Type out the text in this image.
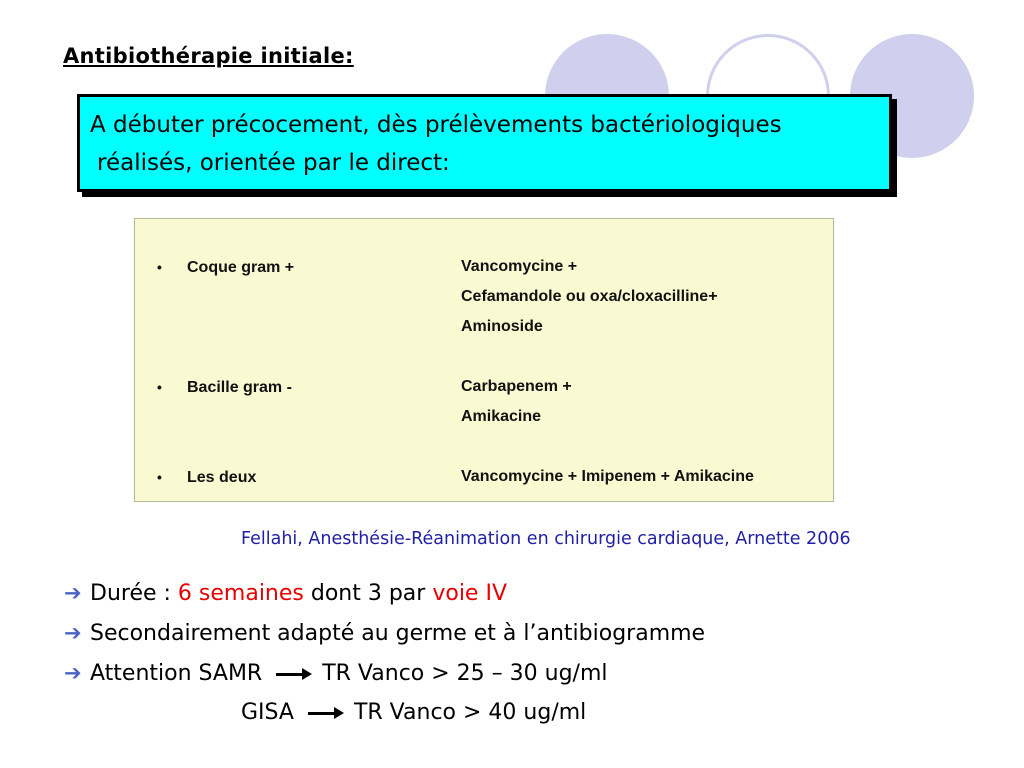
Antibiothérapie initiale:
A débuter précocement, dès prélèvements bactériologiques
réalisés, orientée par le direct:
• Coque gram +	Vancomycine +
Cefamandole ou oxa/cloxacilline+
Aminoside
• Bacille gram -	Carbapenem +
Amikacine
• Les deux	Vancomycine + Imipenem + Amikacine
Fellahi, Anesthésie-Réanimation en chirurgie cardiaque, Arnette 2006
➔ Durée : 6 semaines dont 3 par voie IV
➔ Secondairement adapté au germe et à l’antibiogramme
➔ Attention SAMR	TR Vanco > 25 – 30 ug/ml
GISA	TR Vanco > 40 ug/ml
